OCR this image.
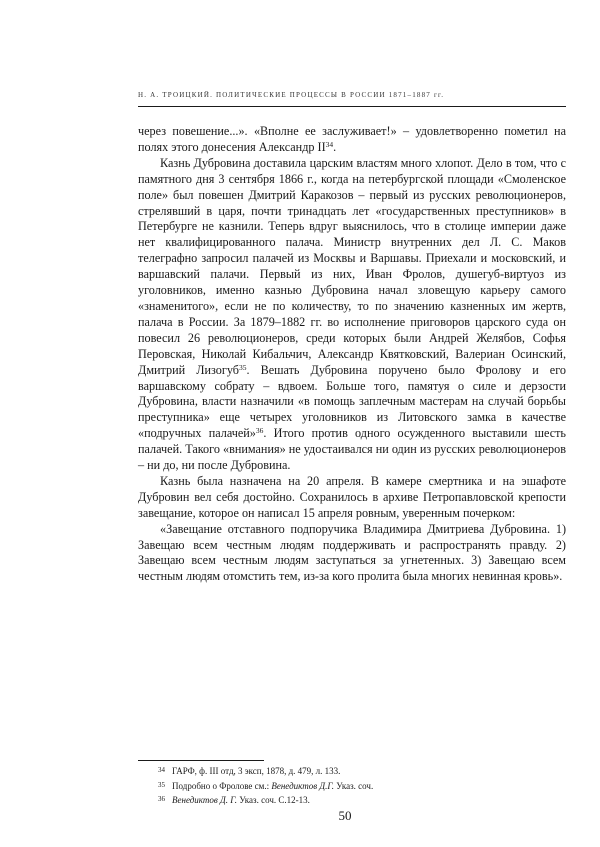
Н. А. ТРОИЦКИЙ. ПОЛИТИЧЕСКИЕ ПРОЦЕССЫ В РОССИИ 1871–1887 гг.

через повешение...». «Вполне ее заслуживает!» – удовлетворенно пометил на полях этого донесения Александр II$^{34}$.

Казнь Дубровина доставила царским властям много хлопот. Дело в том, что с памятного дня 3 сентября 1866 г., когда на петербургской площади «Смоленское поле» был повешен Дмитрий Каракозов – первый из русских революционеров, стрелявший в царя, почти тринадцать лет «государственных преступников» в Петербурге не казнили. Теперь вдруг выяснилось, что в столице империи даже нет квалифицированного палача. Министр внутренних дел Л. С. Маков телеграфно запросил палачей из Москвы и Варшавы. Приехали и московский, и варшавский палачи. Первый из них, Иван Фролов, душегуб-виртуоз из уголовников, именно казнью Дубровина начал зловещую карьеру самого «знаменитого», если не по количеству, то по значению казненных им жертв, палача в России. За 1879–1882 гг. во исполнение приговоров царского суда он повесил 26 революционеров, среди которых были Андрей Желябов, Софья Перовская, Николай Кибальчич, Александр Квятковский, Валериан Осинский, Дмитрий Лизогуб$^{35}$. Вешать Дубровина поручено было Фролову и его варшавскому собрату – вдвоем. Больше того, памятуя о силе и дерзости Дубровина, власти назначили «в помощь заплечным мастерам на случай борьбы преступника» еще четырех уголовников из Литовского замка в качестве «подручных палачей»$^{36}$. Итого против одного осужденного выставили шесть палачей. Такого «внимания» не удостаивался ни один из русских революционеров – ни до, ни после Дубровина.

Казнь была назначена на 20 апреля. В камере смертника и на эшафоте Дубровин вел себя достойно. Сохранилось в архиве Петропавловской крепости завещание, которое он написал 15 апреля ровным, уверенным почерком:

«Завещание отставного подпоручика Владимира Дмитриева Дубровина. 1) Завещаю всем честным людям поддерживать и распространять правду. 2) Завещаю всем честным людям заступаться за угнетенных. 3) Завещаю всем честным людям отомстить тем, из-за кого пролита была многих невинная кровь».

34 ГАРФ, ф. III отд, 3 эксп, 1878, д. 479, л. 133.
35 Подробно о Фролове см.: Венедиктов Д.Г. Указ. соч.
36 Венедиктов Д. Г. Указ. соч. С.12-13.
50
